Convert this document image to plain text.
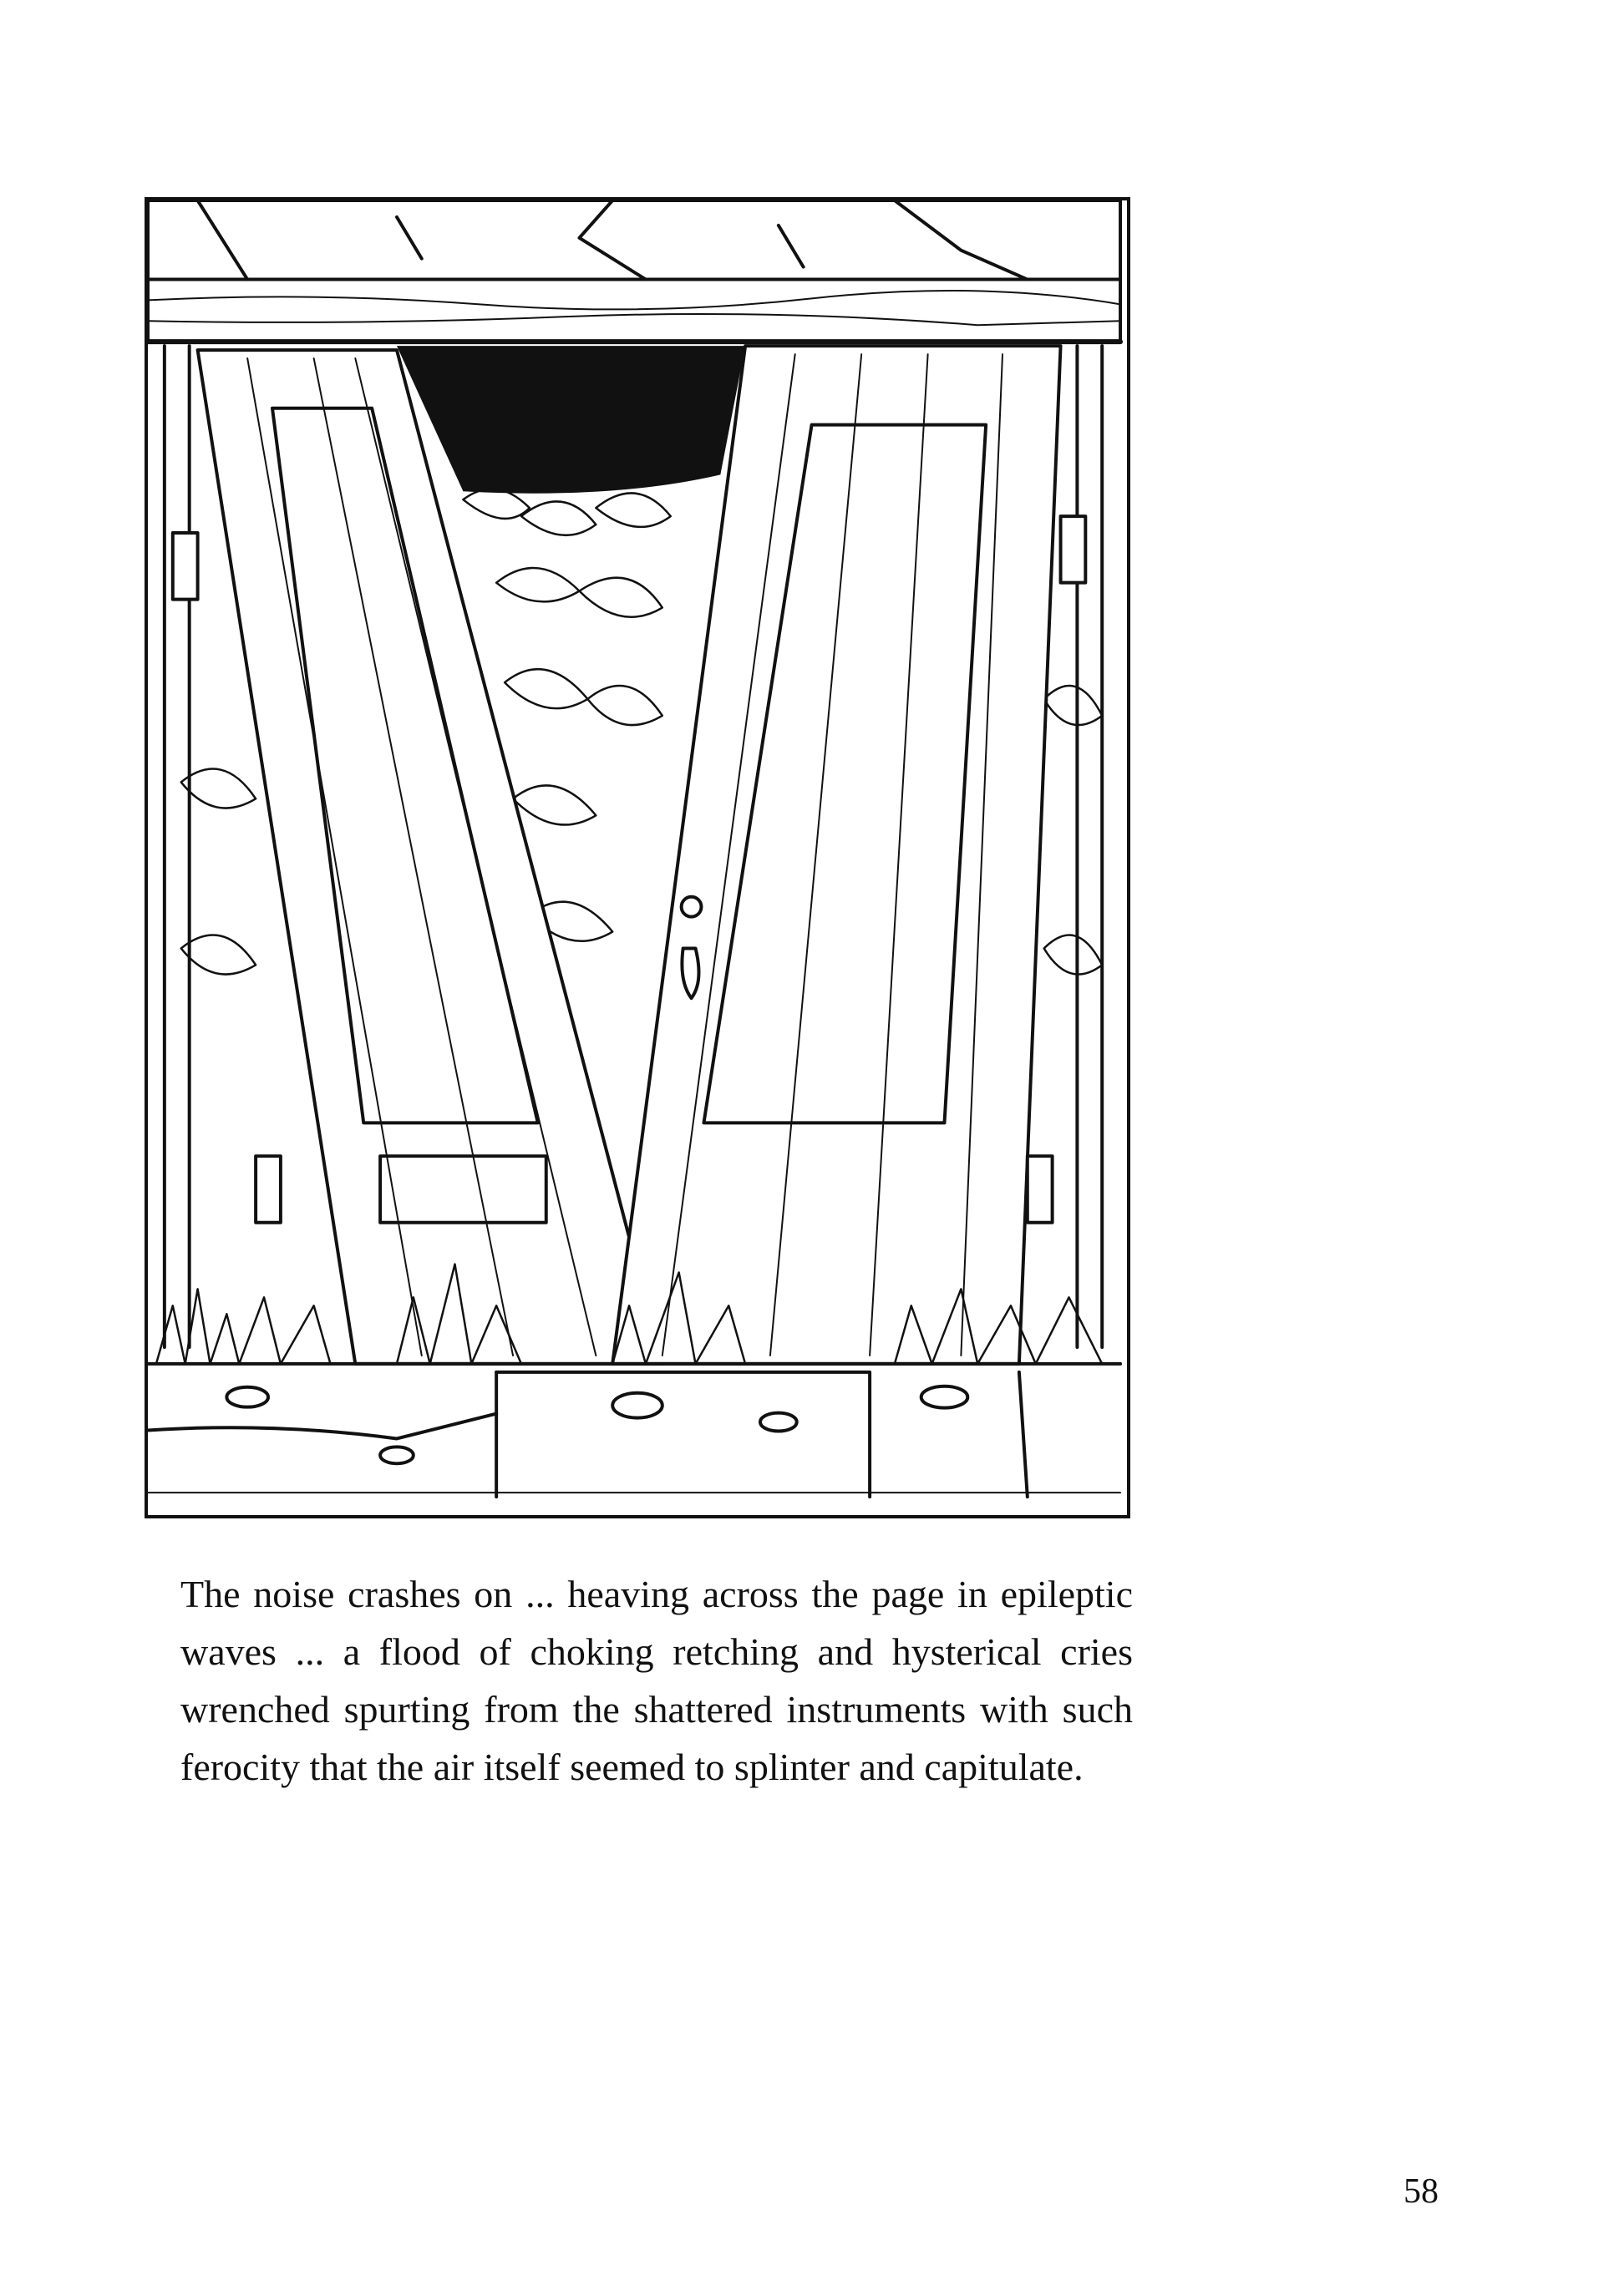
The noise crashes on ... heaving across the page in epileptic waves ... a flood of choking retching and hysterical cries wrenched spurting from the shattered instruments with such ferocity that the air itself seemed to splinter and capitulate.

58
